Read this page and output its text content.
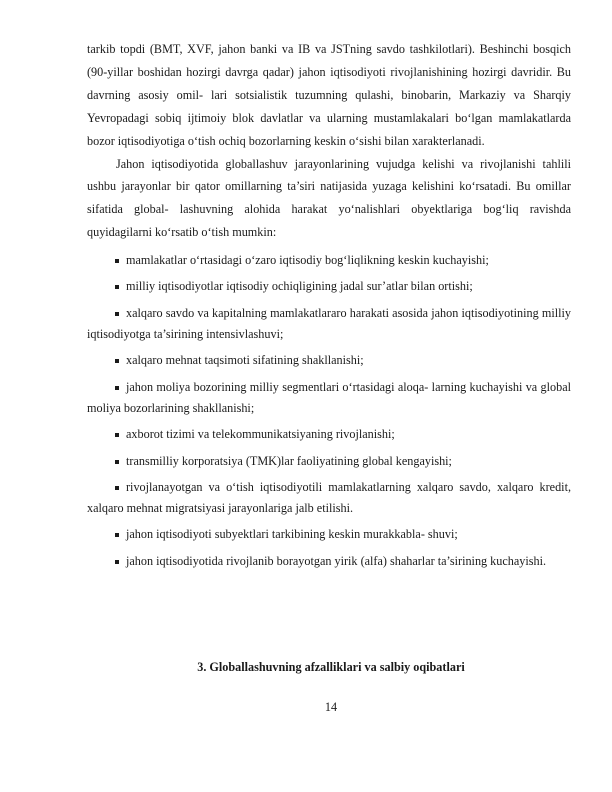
tarkib topdi (BMT, XVF, jahon banki va IB va JSTning savdo tashkilotlari). Beshinchi bosqich (90-yillar boshidan hozirgi davrga qadar) jahon iqtisodiyoti rivojlanishining hozirgi davridir. Bu davrning asosiy omil- lari sotsialistik tuzumning qulashi, binobarin, Markaziy va Sharqiy Yevropadagi sobiq ijtimoiy blok davlatlar va ularning mustamlakalari bo‘lgan mamlakatlarda bozor iqtisodiyotiga o‘tish ochiq bozorlarning keskin o‘sishi bilan xarakterlanadi.

Jahon iqtisodiyotida globallashuv jarayonlarining vujudga kelishi va rivojlanishi tahlili ushbu jarayonlar bir qator omillarning ta’siri natijasida yuzaga kelishini ko‘rsatadi. Bu omillar sifatida global- lashuvning alohida harakat yo‘nalishlari obyektlariga bog‘liq ravishda quyidagilarni ko‘rsatib o‘tish mumkin:

mamlakatlar o‘rtasidagi o‘zaro iqtisodiy bog‘liqlikning keskin kuchayishi;
milliy iqtisodiyotlar iqtisodiy ochiqligining jadal sur’atlar bilan ortishi;
xalqaro savdo va kapitalning mamlakatlararo harakati asosida jahon iqtisodiyotining milliy iqtisodiyotga ta’sirining intensivlashuvi;
xalqaro mehnat taqsimoti sifatining shakllanishi;
jahon moliya bozorining milliy segmentlari o‘rtasidagi aloqa- larning kuchayishi va global moliya bozorlarining shakllanishi;
axborot tizimi va telekommunikatsiyaning rivojlanishi;
transmilliy korporatsiya (TMK)lar faoliyatining global kengayishi;
rivojlanayotgan va o‘tish iqtisodiyotili mamlakatlarning xalqaro savdo, xalqaro kredit, xalqaro mehnat migratsiyasi jarayonlariga jalb etilishi.
jahon iqtisodiyoti subyektlari tarkibining keskin murakkabla- shuvi;
jahon iqtisodiyotida rivojlanib borayotgan yirik (alfa) shaharlar ta’sirining kuchayishi.
3. Globallashuvning afzalliklari va salbiy oqibatlari
14
